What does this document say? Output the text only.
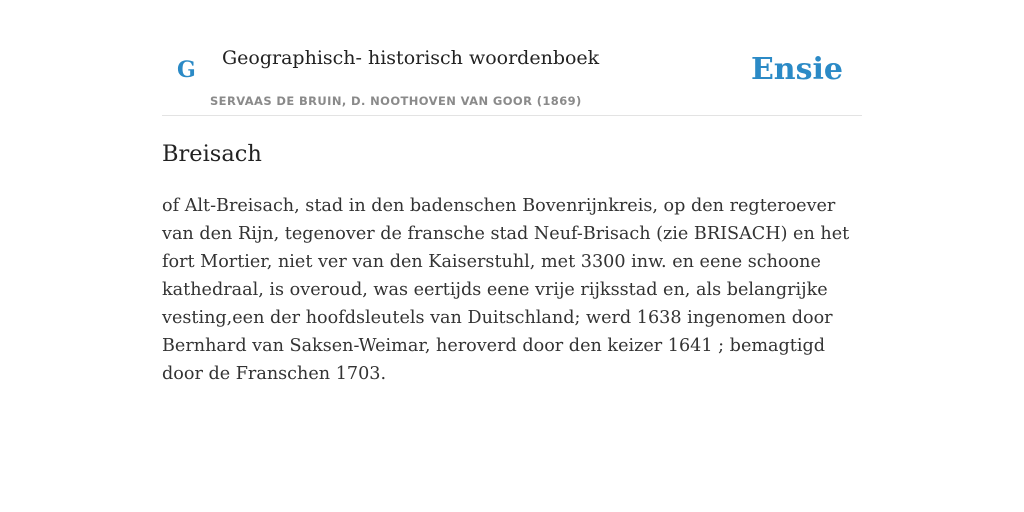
G Geographisch- historisch woordenboek
SERVAAS DE BRUIN, D. NOOTHOVEN VAN GOOR (1869)
Ensie
Breisach

of Alt-Breisach, stad in den badenschen Bovenrijnkreis, op den regteroever van den Rijn, tegenover de fransche stad Neuf-Brisach (zie BRISACH) en het fort Mortier, niet ver van den Kaiserstuhl, met 3300 inw. en eene schoone kathedraal, is overoud, was eertijds eene vrije rijksstad en, als belangrijke vesting,een der hoofdsleutels van Duitschland; werd 1638 ingenomen door Bernhard van Saksen-Weimar, heroverd door den keizer 1641 ; bemagtigd door de Franschen 1703.
